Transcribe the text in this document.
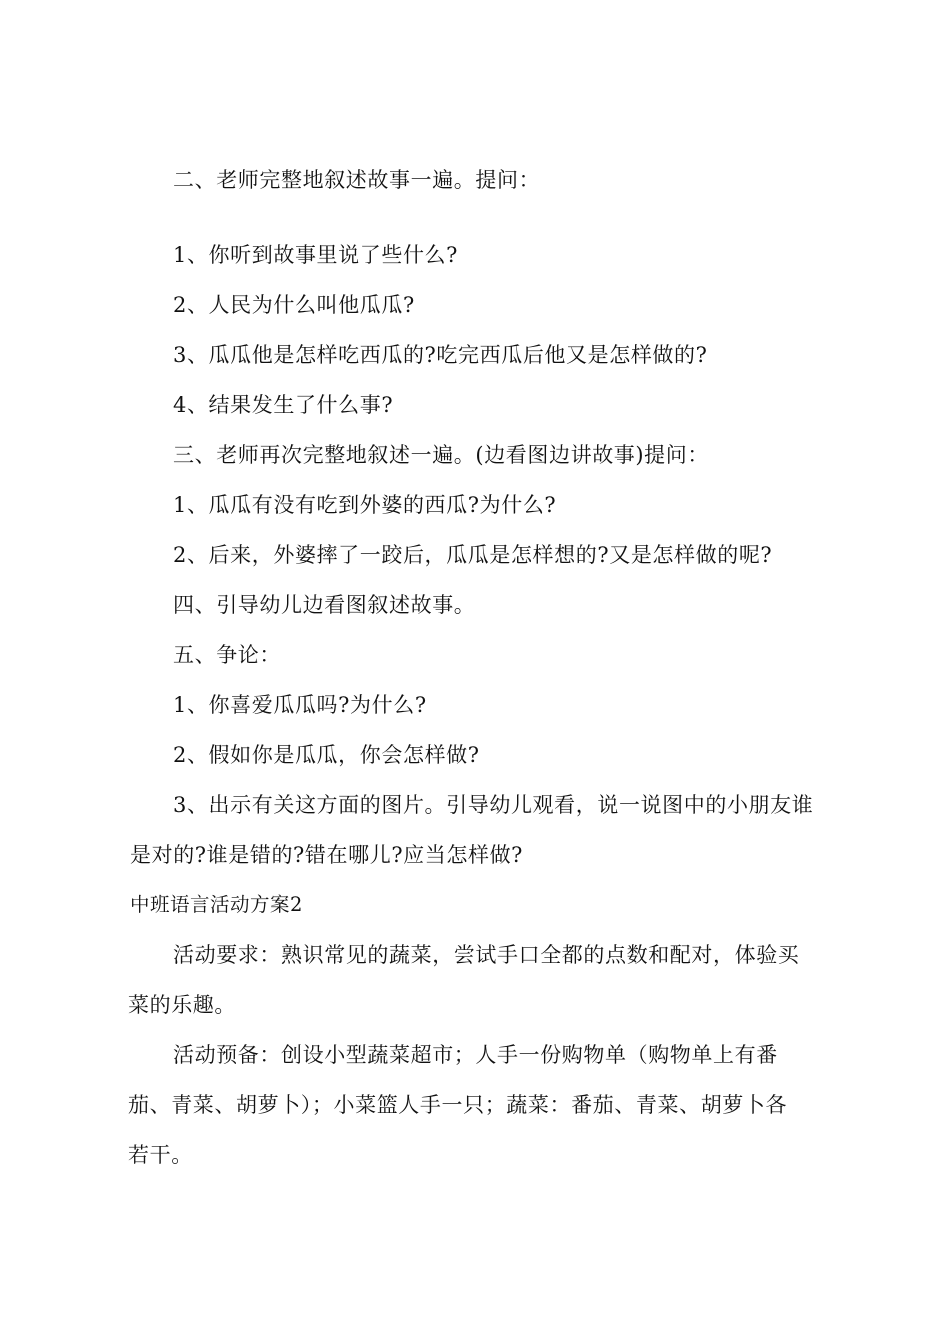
二、老师完整地叙述故事一遍。提问：
1、你听到故事里说了些什么?
2、人民为什么叫他瓜瓜?
3、瓜瓜他是怎样吃西瓜的?吃完西瓜后他又是怎样做的?
4、结果发生了什么事?
三、老师再次完整地叙述一遍。(边看图边讲故事)提问：
1、瓜瓜有没有吃到外婆的西瓜?为什么?
2、后来，外婆摔了一跤后，瓜瓜是怎样想的?又是怎样做的呢?
四、引导幼儿边看图叙述故事。
五、争论：
1、你喜爱瓜瓜吗?为什么?
2、假如你是瓜瓜，你会怎样做?
3、出示有关这方面的图片。引导幼儿观看，说一说图中的小朋友谁
是对的?谁是错的?错在哪儿?应当怎样做?
中班语言活动方案2
活动要求：熟识常见的蔬菜，尝试手口全都的点数和配对，体验买
菜的乐趣。
活动预备：创设小型蔬菜超市；人手一份购物单（购物单上有番
茄、青菜、胡萝卜）；小菜篮人手一只；蔬菜：番茄、青菜、胡萝卜各
若干。
